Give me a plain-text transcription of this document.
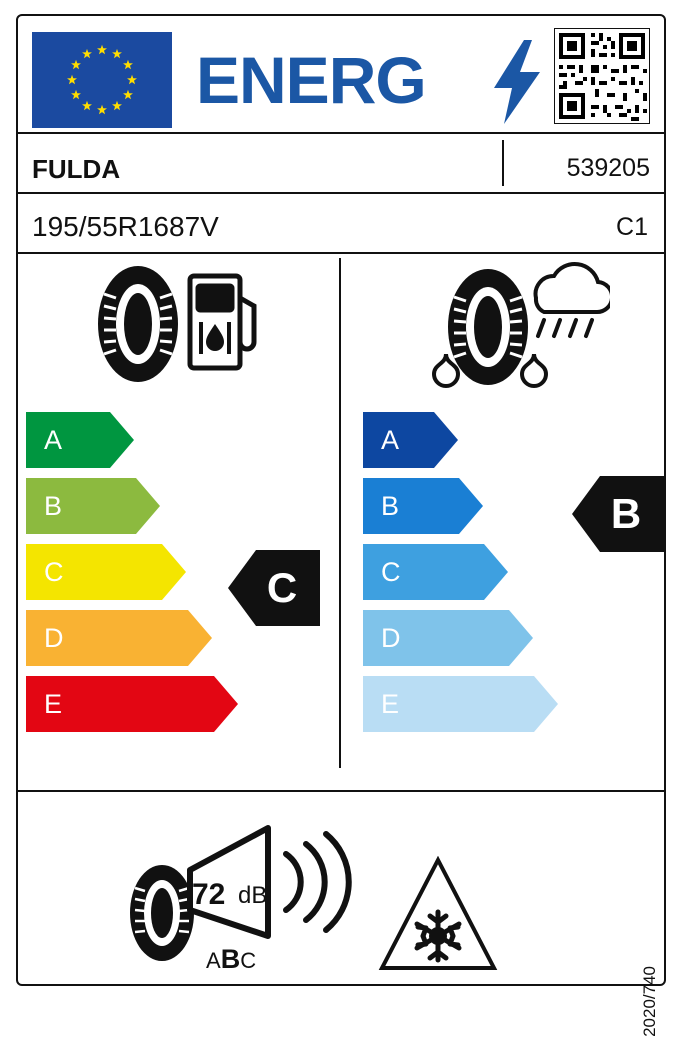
ENERG
FULDA	539205
195/55R1687V	C1
A
B
C
D
E
C
A
B
C
D
E
B
72 dB
ABC
2020/740
